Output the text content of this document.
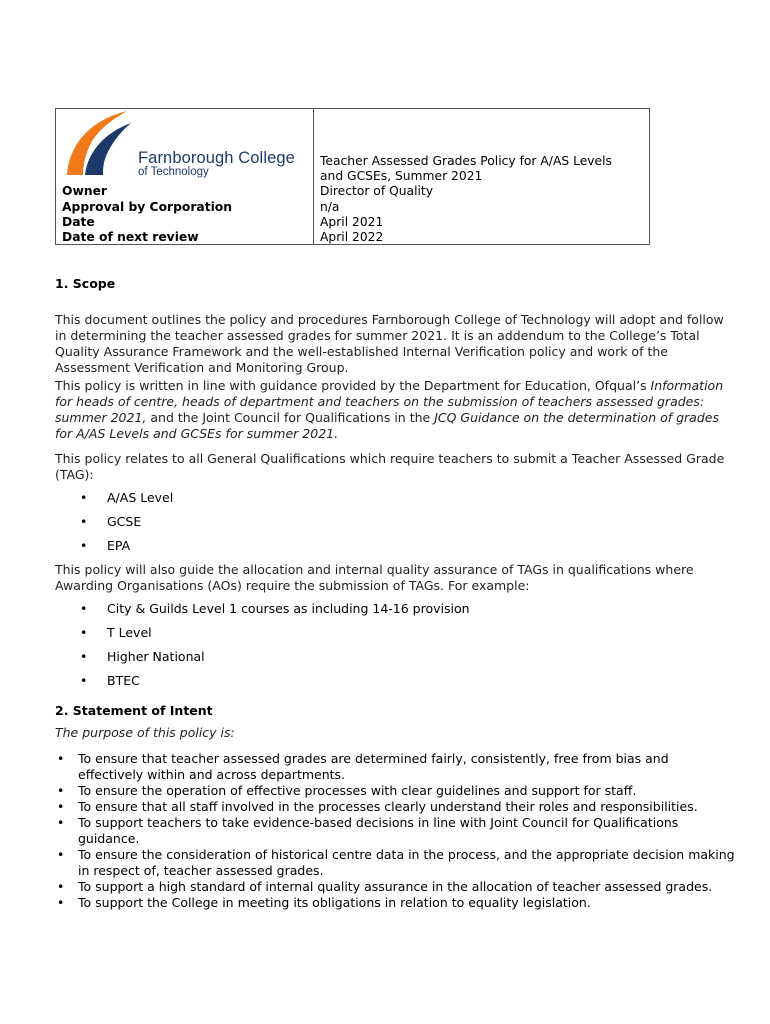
Farnborough College
of Technology
Teacher Assessed Grades Policy for A/AS Levels
and GCSEs, Summer 2021
Owner	Director of Quality
Approval by Corporation	n/a
Date	April 2021
Date of next review	April 2022
1. Scope
This document outlines the policy and procedures Farnborough College of Technology will adopt and follow in determining the teacher assessed grades for summer 2021. It is an addendum to the College’s Total Quality Assurance Framework and the well-established Internal Verification policy and work of the Assessment Verification and Monitoring Group.
This policy is written in line with guidance provided by the Department for Education, Ofqual’s Information for heads of centre, heads of department and teachers on the submission of teachers assessed grades: summer 2021, and the Joint Council for Qualifications in the JCQ Guidance on the determination of grades for A/AS Levels and GCSEs for summer 2021.
This policy relates to all General Qualifications which require teachers to submit a Teacher Assessed Grade (TAG):
• A/AS Level
• GCSE
• EPA
This policy will also guide the allocation and internal quality assurance of TAGs in qualifications where Awarding Organisations (AOs) require the submission of TAGs. For example:
• City & Guilds Level 1 courses as including 14-16 provision
• T Level
• Higher National
• BTEC
2. Statement of Intent
The purpose of this policy is:
• To ensure that teacher assessed grades are determined fairly, consistently, free from bias and effectively within and across departments.
• To ensure the operation of effective processes with clear guidelines and support for staff.
• To ensure that all staff involved in the processes clearly understand their roles and responsibilities.
• To support teachers to take evidence-based decisions in line with Joint Council for Qualifications guidance.
• To ensure the consideration of historical centre data in the process, and the appropriate decision making in respect of, teacher assessed grades.
• To support a high standard of internal quality assurance in the allocation of teacher assessed grades.
• To support the College in meeting its obligations in relation to equality legislation.
